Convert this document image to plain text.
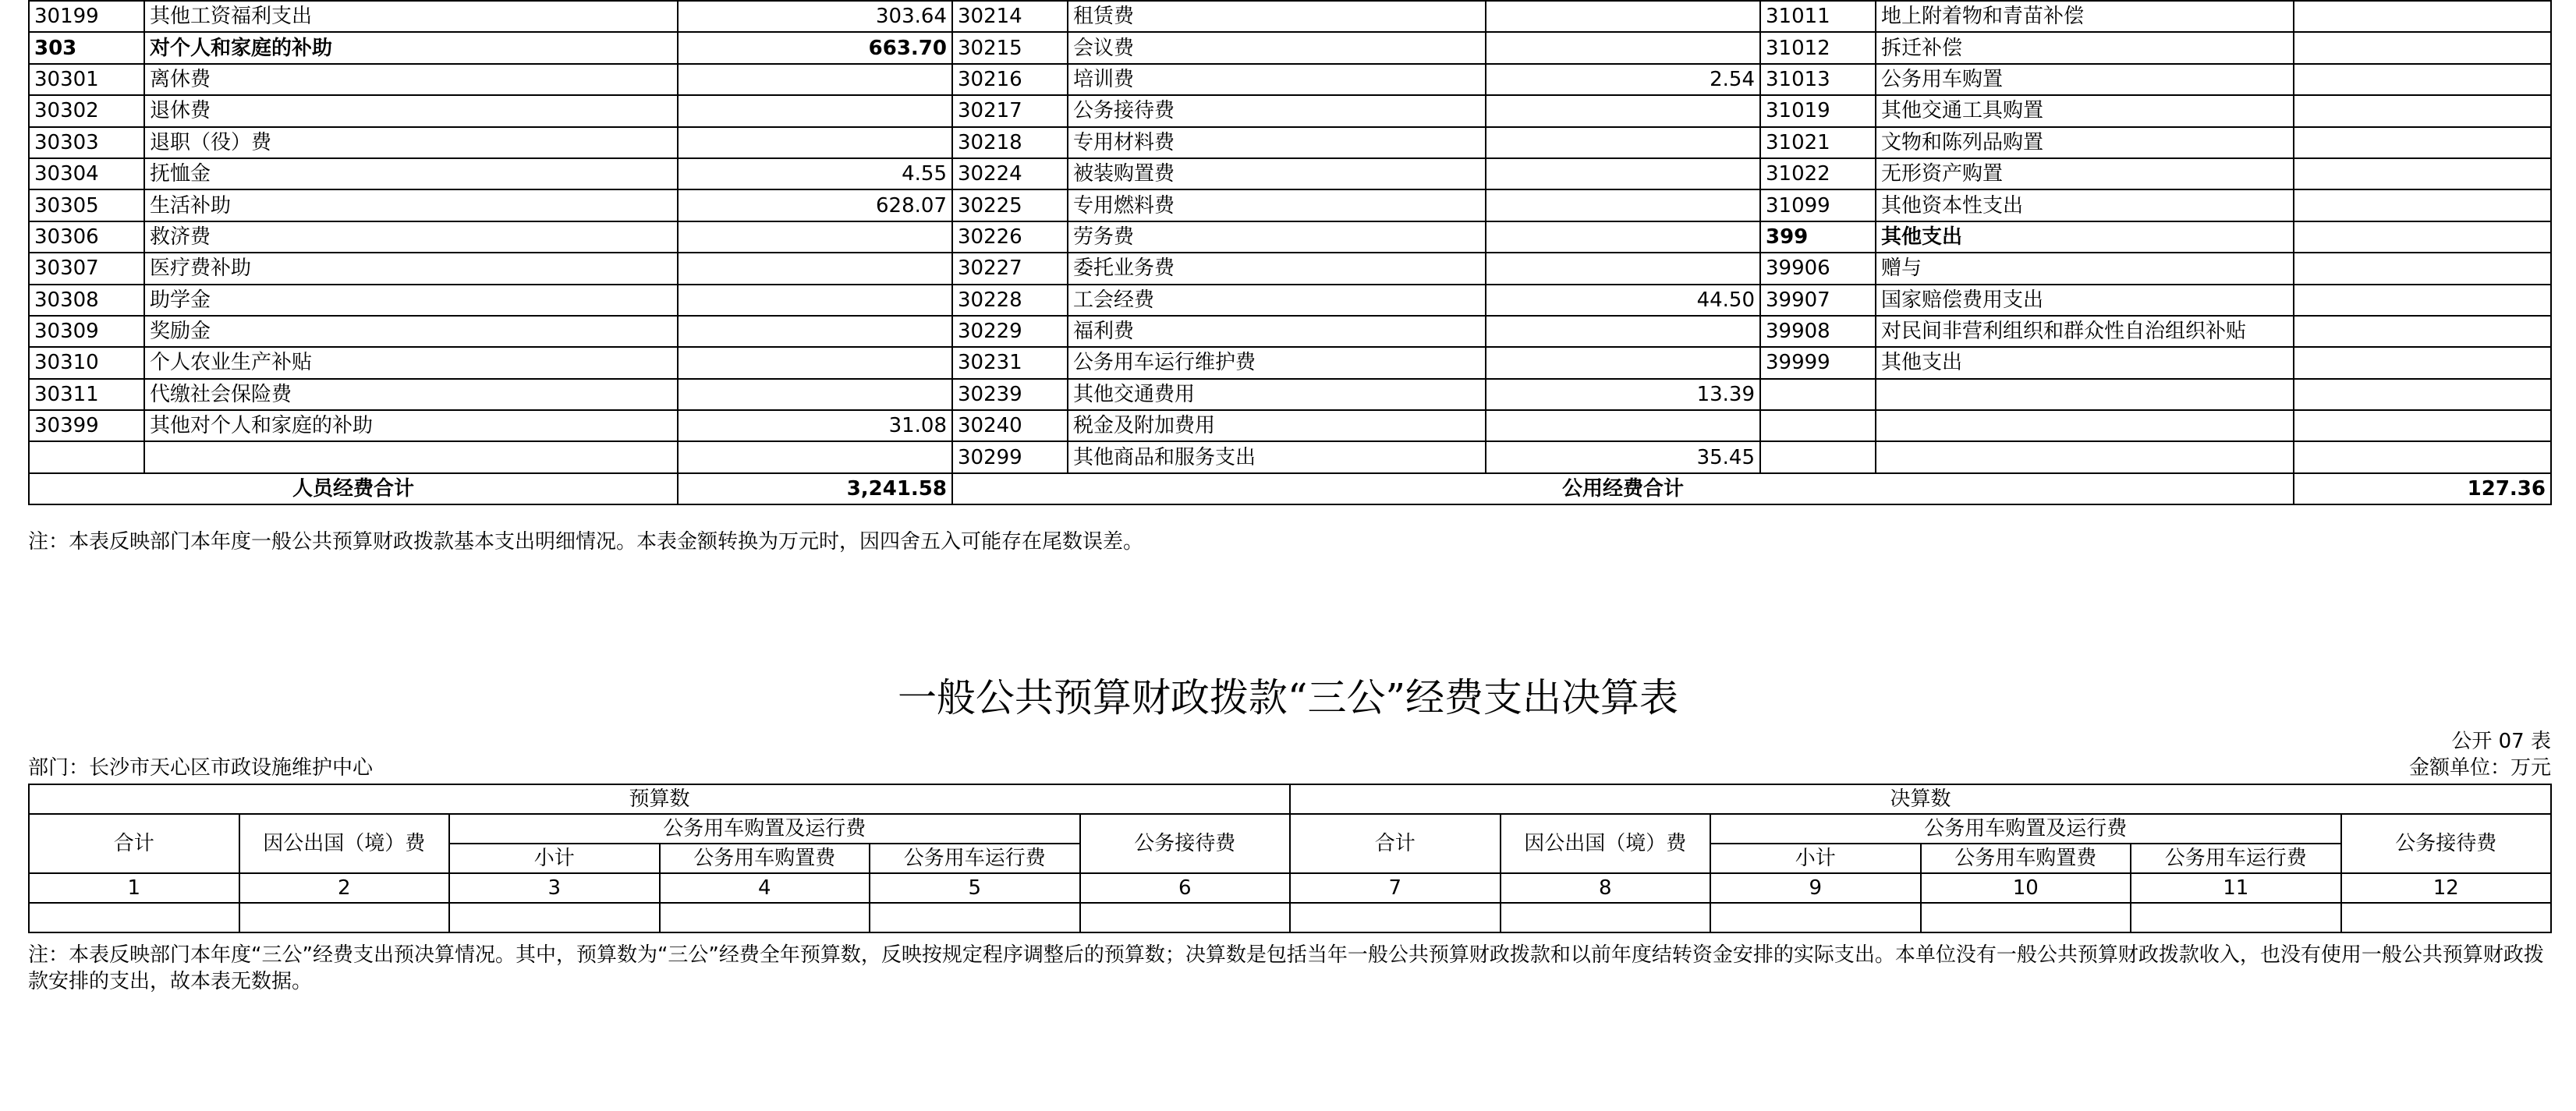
30199	其他工资福利支出	303.64	30214	租赁费		31011	地上附着物和青苗补偿	
303	对个人和家庭的补助	663.70	30215	会议费		31012	拆迁补偿	
30301	离休费		30216	培训费	2.54	31013	公务用车购置	
30302	退休费		30217	公务接待费		31019	其他交通工具购置	
30303	退职（役）费		30218	专用材料费		31021	文物和陈列品购置	
30304	抚恤金	4.55	30224	被装购置费		31022	无形资产购置	
30305	生活补助	628.07	30225	专用燃料费		31099	其他资本性支出	
30306	救济费		30226	劳务费		399	其他支出	
30307	医疗费补助		30227	委托业务费		39906	赠与	
30308	助学金		30228	工会经费	44.50	39907	国家赔偿费用支出	
30309	奖励金		30229	福利费		39908	对民间非营利组织和群众性自治组织补贴	
30310	个人农业生产补贴		30231	公务用车运行维护费		39999	其他支出	
30311	代缴社会保险费		30239	其他交通费用	13.39			
30399	其他对个人和家庭的补助	31.08	30240	税金及附加费用				
			30299	其他商品和服务支出	35.45			
人员经费合计		3,241.58	公用经费合计					127.36
注：本表反映部门本年度一般公共预算财政拨款基本支出明细情况。本表金额转换为万元时，因四舍五入可能存在尾数误差。
一般公共预算财政拨款“三公”经费支出决算表
公开 07 表
部门：长沙市天心区市政设施维护中心	金额单位：万元
预算数						决算数					
合计	因公出国（境）费	公务用车购置及运行费			公务接待费	合计	因公出国（境）费	公务用车购置及运行费			公务接待费
		小计	公务用车购置费	公务用车运行费				小计	公务用车购置费	公务用车运行费	
1	2	3	4	5	6	7	8	9	10	11	12

注：本表反映部门本年度“三公”经费支出预决算情况。其中，预算数为“三公”经费全年预算数，反映按规定程序调整后的预算数；决算数是包括当年一般公共预算财政拨款和以前年度结转资金安排的实际支出。本单位没有一般公共预算财政拨款收入，也没有使用一般公共预算财政拨款安排的支出，故本表无数据。
